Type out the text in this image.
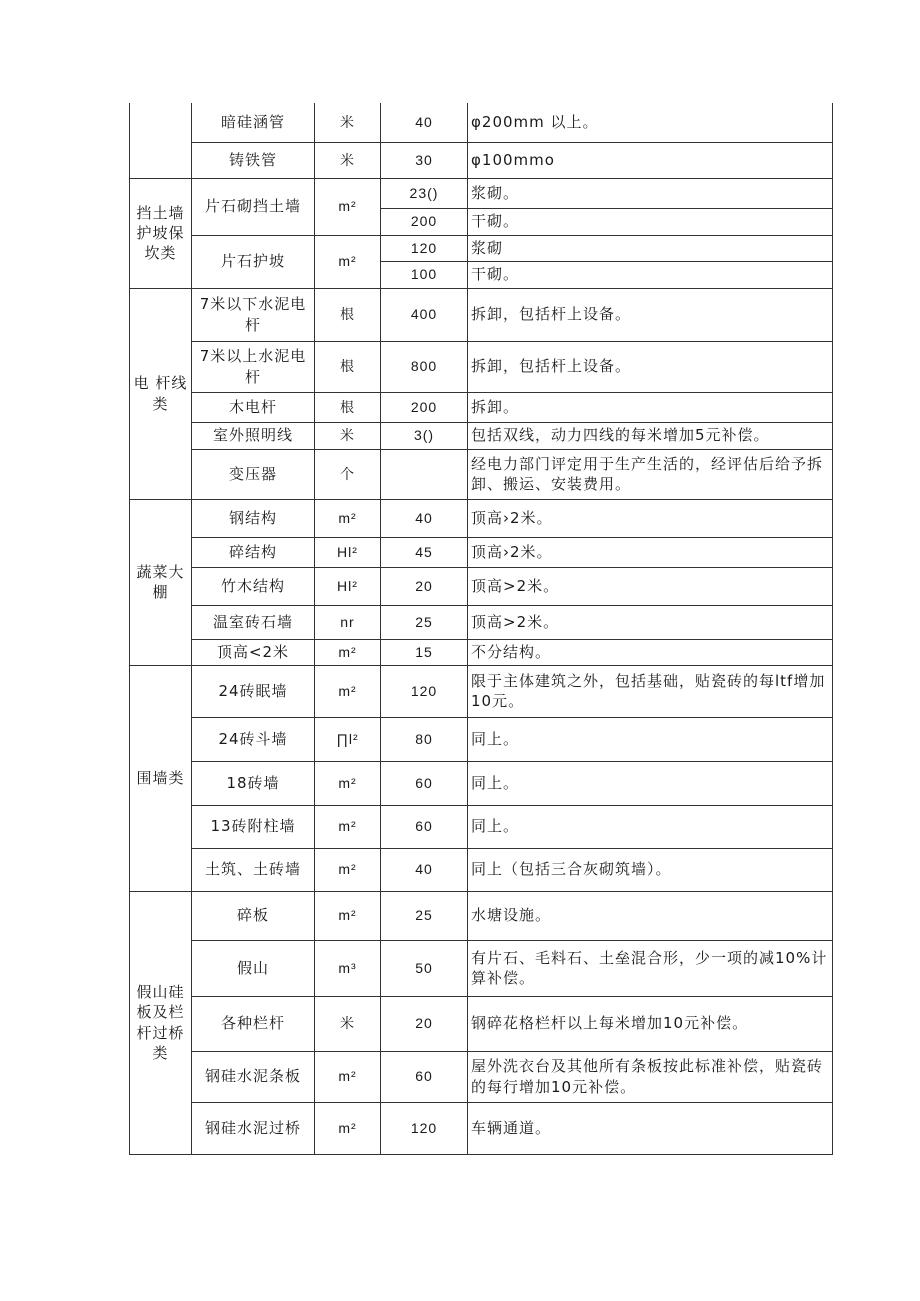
	暗硅涵管	米	40	φ200mm 以上。
	铸铁管	米	30	φ100mmo
挡土墙护坡保坎类	片石砌挡土墙	m²	23()	浆砌。
			200	干砌。
	片石护坡	m²	120	浆砌
			100	干砌。
电 杆线类	7米以下水泥电杆	根	400	拆卸，包括杆上设备。
	7米以上水泥电杆	根	800	拆卸，包括杆上设备。
	木电杆	根	200	拆卸。
	室外照明线	米	3()	包括双线，动力四线的每米增加5元补偿。
	变压器	个		经电力部门评定用于生产生活的，经评估后给予拆卸、搬运、安装费用。
蔬菜大棚	钢结构	m²	40	顶高›2米。
	碎结构	Hl²	45	顶高›2米。
	竹木结构	Hl²	20	顶高>2米。
	温室砖石墙	nr	25	顶高>2米。
	顶高<2米	m²	15	不分结构。
围墙类	24砖眠墙	m²	120	限于主体建筑之外，包括基础，贴瓷砖的每ltf增加10元。
	24砖斗墙	∏l²	80	同上。
	18砖墙	m²	60	同上。
	13砖附柱墙	m²	60	同上。
	土筑、土砖墙	m²	40	同上（包括三合灰砌筑墙）。
假山硅板及栏杆过桥类	碎板	m²	25	水塘设施。
	假山	m³	50	有片石、毛料石、土垒混合形，少一项的减10%计算补偿。
	各种栏杆	米	20	钢碎花格栏杆以上每米增加10元补偿。
	钢硅水泥条板	m²	60	屋外洗衣台及其他所有条板按此标准补偿，贴瓷砖的每行增加10元补偿。
	钢硅水泥过桥	m²	120	车辆通道。
